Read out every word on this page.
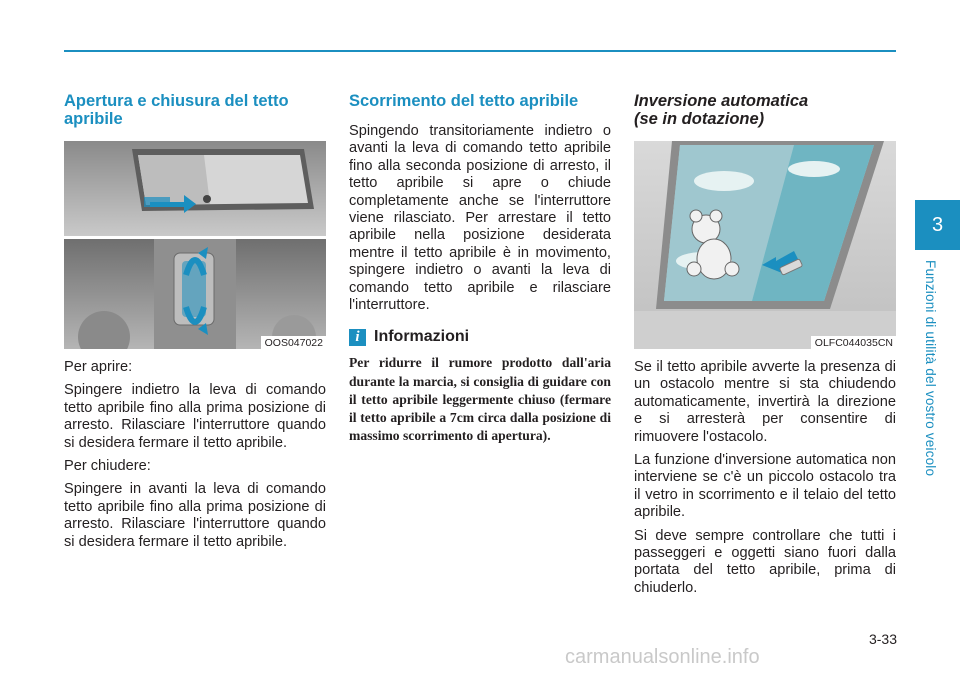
Apertura e chiusura del tetto apribile
OOS047022

Per aprire:

Spingere indietro la leva di comando tetto apribile fino alla prima posizione di arresto. Rilasciare l'interruttore quando si desidera fermare il tetto apribile.

Per chiudere:

Spingere in avanti la leva di comando tetto apribile fino alla prima posizione di arresto. Rilasciare l'interruttore quando si desidera fermare il tetto apribile.

Scorrimento del tetto apribile

Spingendo transitoriamente indietro o avanti la leva di comando tetto apribile fino alla seconda posizione di arresto, il tetto apribile si apre o chiude completamente anche se l'interruttore viene rilasciato. Per arrestare il tetto apribile nella posizione desiderata mentre il tetto apribile è in movimento, spingere indietro o avanti la leva di comando tetto apribile e rilasciare l'interruttore.

i Informazioni

Per ridurre il rumore prodotto dall'aria durante la marcia, si consiglia di guidare con il tetto apribile leggermente chiuso (fermare il tetto apribile a 7cm circa dalla posizione di massimo scorrimento di apertura).

Inversione automatica
(se in dotazione)
OLFC044035CN

Se il tetto apribile avverte la presenza di un ostacolo mentre si sta chiudendo automaticamente, invertirà la direzione e si arresterà per consentire di rimuovere l'ostacolo.

La funzione d'inversione automatica non interviene se c'è un piccolo ostacolo tra il vetro in scorrimento e il telaio del tetto apribile.

Si deve sempre controllare che tutti i passeggeri e oggetti siano fuori dalla portata del tetto apribile, prima di chiuderlo.

3
Funzioni di utilità del vostro veicolo
3-33
carmanualsonline.info
